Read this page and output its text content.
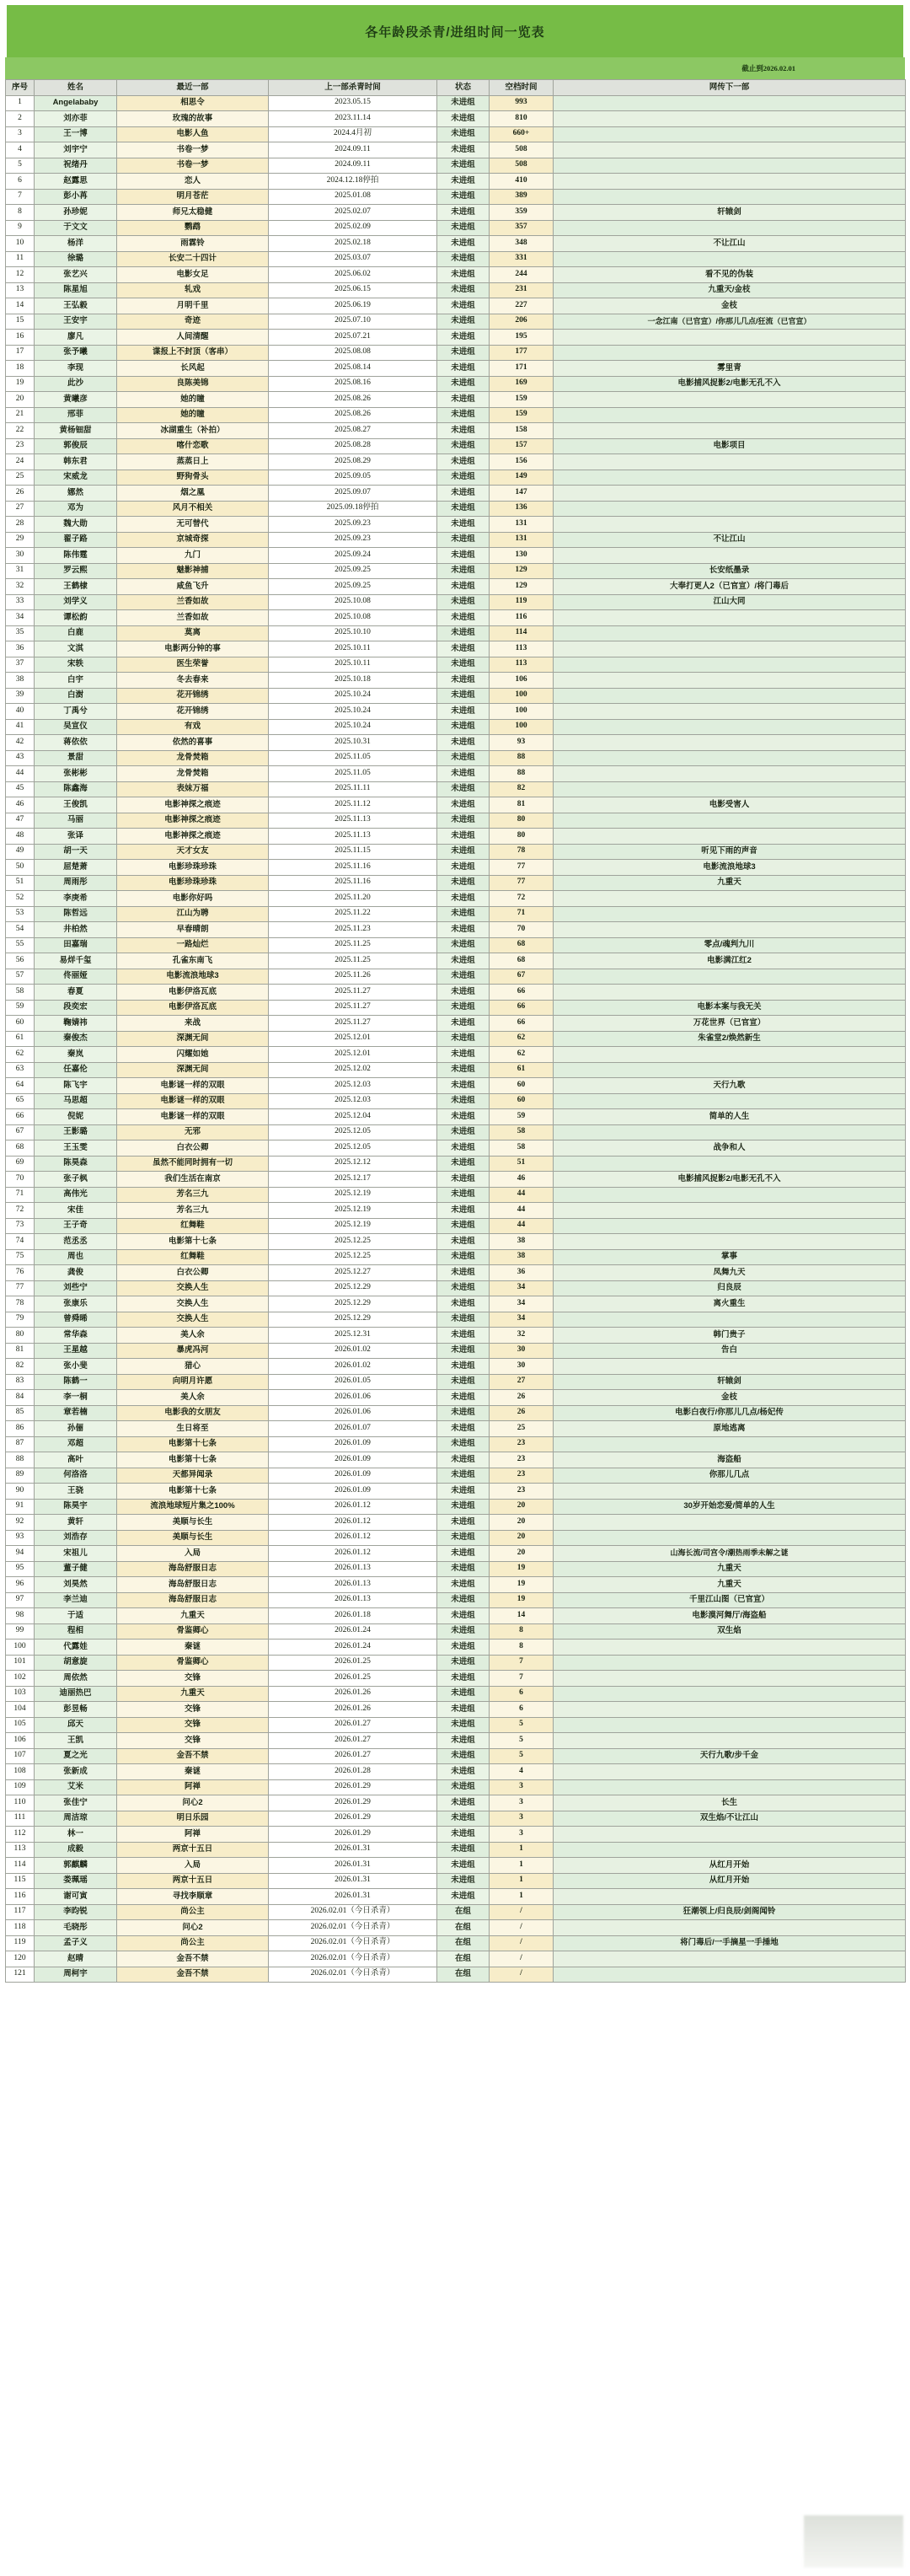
各年龄段杀青/进组时间一览表
截止到2026.02.01
序号	姓名	最近一部	上一部杀青时间	状态	空档时间	网传下一部
1	Angelababy	相思令	2023.05.15	未进组	993	
2	刘亦菲	玫瑰的故事	2023.11.14	未进组	810	
3	王一博	电影人鱼	2024.4月初	未进组	660+	
4	刘宇宁	书卷一梦	2024.09.11	未进组	508	
5	祝绪丹	书卷一梦	2024.09.11	未进组	508	
6	赵露思	恋人	2024.12.18停拍	未进组	410	
7	彭小苒	明月苍茫	2025.01.08	未进组	389	
8	孙珍妮	师兄太稳健	2025.02.07	未进组	359	轩辕剑
9	于文文	鹦鹉	2025.02.09	未进组	357	
10	杨洋	雨霖铃	2025.02.18	未进组	348	不让江山
11	徐璐	长安二十四计	2025.03.07	未进组	331	
12	张艺兴	电影女足	2025.06.02	未进组	244	看不见的伪装
13	陈星旭	轧戏	2025.06.15	未进组	231	九重天/金枝
14	王弘毅	月明千里	2025.06.19	未进组	227	金枝
15	王安宇	奇迹	2025.07.10	未进组	206	一念江南（已官宣）/你那儿几点/狂流（已官宣）
16	廖凡	人间清醒	2025.07.21	未进组	195	
17	张予曦	谍报上不封顶（客串）	2025.08.08	未进组	177	
18	李现	长风起	2025.08.14	未进组	171	雾里青
19	此沙	良陈美锦	2025.08.16	未进组	169	电影捕风捉影2/电影无孔不入
20	黄曦彦	她的瞳	2025.08.26	未进组	159	
21	邢菲	她的瞳	2025.08.26	未进组	159	
22	黄杨钿甜	冰湖重生（补拍）	2025.08.27	未进组	158	
23	郭俊辰	喀什恋歌	2025.08.28	未进组	157	电影项目
24	韩东君	蒸蒸日上	2025.08.29	未进组	156	
25	宋威龙	野狗骨头	2025.09.05	未进组	149	
26	娜然	烟之凰	2025.09.07	未进组	147	
27	邓为	风月不相关	2025.09.18停拍	未进组	136	
28	魏大勋	无可替代	2025.09.23	未进组	131	
29	翟子路	京城奇探	2025.09.23	未进组	131	不让江山
30	陈伟霆	九门	2025.09.24	未进组	130	
31	罗云熙	魅影神捕	2025.09.25	未进组	129	长安纸墨录
32	王鹤棣	咸鱼飞升	2025.09.25	未进组	129	大奉打更人2（已官宣）/将门毒后
33	刘学义	兰香如故	2025.10.08	未进组	119	江山大同
34	谭松韵	兰香如故	2025.10.08	未进组	116	
35	白鹿	莫离	2025.10.10	未进组	114	
36	文淇	电影两分钟的事	2025.10.11	未进组	113	
37	宋轶	医生荣誉	2025.10.11	未进组	113	
38	白宇	冬去春来	2025.10.18	未进组	106	
39	白澍	花开锦绣	2025.10.24	未进组	100	
40	丁禹兮	花开锦绣	2025.10.24	未进组	100	
41	吴宣仪	有戏	2025.10.24	未进组	100	
42	蒋依依	依然的喜事	2025.10.31	未进组	93	
43	景甜	龙骨焚箱	2025.11.05	未进组	88	
44	张彬彬	龙骨焚箱	2025.11.05	未进组	88	
45	陈鑫海	表妹万福	2025.11.11	未进组	82	
46	王俊凯	电影神探之痕迹	2025.11.12	未进组	81	电影受害人
47	马丽	电影神探之痕迹	2025.11.13	未进组	80	
48	张译	电影神探之痕迹	2025.11.13	未进组	80	
49	胡一天	天才女友	2025.11.15	未进组	78	听见下雨的声音
50	屈楚萧	电影珍珠珍珠	2025.11.16	未进组	77	电影流浪地球3
51	周雨彤	电影珍珠珍珠	2025.11.16	未进组	77	九重天
52	李庚希	电影你好吗	2025.11.20	未进组	72	
53	陈哲远	江山为聘	2025.11.22	未进组	71	
54	井柏然	早春晴朗	2025.11.23	未进组	70	
55	田嘉瑞	一路灿烂	2025.11.25	未进组	68	零点/魂判九川
56	易烊千玺	孔雀东南飞	2025.11.25	未进组	68	电影满江红2
57	佟丽娅	电影流浪地球3	2025.11.26	未进组	67	
58	春夏	电影伊洛瓦底	2025.11.27	未进组	66	
59	段奕宏	电影伊洛瓦底	2025.11.27	未进组	66	电影本案与我无关
60	鞠婧祎	来战	2025.11.27	未进组	66	万花世界（已官宣）
61	秦俊杰	深渊无间	2025.12.01	未进组	62	朱雀堂2/焕然新生
62	秦岚	闪耀如她	2025.12.01	未进组	62	
63	任嘉伦	深渊无间	2025.12.02	未进组	61	
64	陈飞宇	电影谜一样的双眼	2025.12.03	未进组	60	天行九歌
65	马思超	电影谜一样的双眼	2025.12.03	未进组	60	
66	倪妮	电影谜一样的双眼	2025.12.04	未进组	59	简单的人生
67	王影璐	无邪	2025.12.05	未进组	58	
68	王玉雯	白衣公卿	2025.12.05	未进组	58	战争和人
69	陈昊森	虽然不能同时拥有一切	2025.12.12	未进组	51	
70	张子枫	我们生活在南京	2025.12.17	未进组	46	电影捕风捉影2/电影无孔不入
71	高伟光	芳名三九	2025.12.19	未进组	44	
72	宋佳	芳名三九	2025.12.19	未进组	44	
73	王子奇	红舞鞋	2025.12.19	未进组	44	
74	范丞丞	电影第十七条	2025.12.25	未进组	38	
75	周也	红舞鞋	2025.12.25	未进组	38	掌事
76	龚俊	白衣公卿	2025.12.27	未进组	36	凤舞九天
77	刘些宁	交换人生	2025.12.29	未进组	34	归良辰
78	张康乐	交换人生	2025.12.29	未进组	34	离火重生
79	曾舜晞	交换人生	2025.12.29	未进组	34	
80	常华森	美人余	2025.12.31	未进组	32	韩门贵子
81	王星越	暴虎冯河	2026.01.02	未进组	30	告白
82	张小斐	猎心	2026.01.02	未进组	30	
83	陈鹤一	向明月许愿	2026.01.05	未进组	27	轩辕剑
84	李一桐	美人余	2026.01.06	未进组	26	金枝
85	章若楠	电影我的女朋友	2026.01.06	未进组	26	电影白夜行/你那儿几点/杨妃传
86	孙俪	生日将至	2026.01.07	未进组	25	原地逃离
87	邓超	电影第十七条	2026.01.09	未进组	23	
88	高叶	电影第十七条	2026.01.09	未进组	23	海盗船
89	何洛洛	天都异闻录	2026.01.09	未进组	23	你那儿几点
90	王骁	电影第十七条	2026.01.09	未进组	23	
91	陈昊宇	流浪地球短片集之100%	2026.01.12	未进组	20	30岁开始恋爱/简单的人生
92	黄轩	美顺与长生	2026.01.12	未进组	20	
93	刘浩存	美顺与长生	2026.01.12	未进组	20	
94	宋祖儿	入局	2026.01.12	未进组	20	山海长流/司宫令/潮热雨季未解之谜
95	董子健	海岛舒服日志	2026.01.13	未进组	19	九重天
96	刘昊然	海岛舒服日志	2026.01.13	未进组	19	九重天
97	李兰迪	海岛舒服日志	2026.01.13	未进组	19	千里江山图（已官宣）
98	于适	九重天	2026.01.18	未进组	14	电影漠河舞厅/海盗船
99	程相	骨鉴卿心	2026.01.24	未进组	8	双生焰
100	代露娃	秦谜	2026.01.24	未进组	8	
101	胡意旋	骨鉴卿心	2026.01.25	未进组	7	
102	周依然	交锋	2026.01.25	未进组	7	
103	迪丽热巴	九重天	2026.01.26	未进组	6	
104	彭昱畅	交锋	2026.01.26	未进组	6	
105	邱天	交锋	2026.01.27	未进组	5	
106	王凯	交锋	2026.01.27	未进组	5	
107	夏之光	金吾不禁	2026.01.27	未进组	5	天行九歌/步千金
108	张新成	秦谜	2026.01.28	未进组	4	
109	艾米	阿禅	2026.01.29	未进组	3	
110	张佳宁	问心2	2026.01.29	未进组	3	长生
111	周洁琼	明日乐园	2026.01.29	未进组	3	双生焰/不让江山
112	林一	阿禅	2026.01.29	未进组	3	
113	成毅	两京十五日	2026.01.31	未进组	1	
114	郭麒麟	入局	2026.01.31	未进组	1	从红月开始
115	娄珮瑶	两京十五日	2026.01.31	未进组	1	从红月开始
116	谢可寅	寻找李顺章	2026.01.31	未进组	1	
117	李昀锐	尚公主	2026.02.01（今日杀青）	在组	/	狂潮领上/归良辰/剑阁闻铃
118	毛晓彤	问心2	2026.02.01（今日杀青）	在组	/	
119	孟子义	尚公主	2026.02.01（今日杀青）	在组	/	将门毒后/一手摘星一手捶地
120	赵晴	金吾不禁	2026.02.01（今日杀青）	在组	/	
121	周柯宇	金吾不禁	2026.02.01（今日杀青）	在组	/	
